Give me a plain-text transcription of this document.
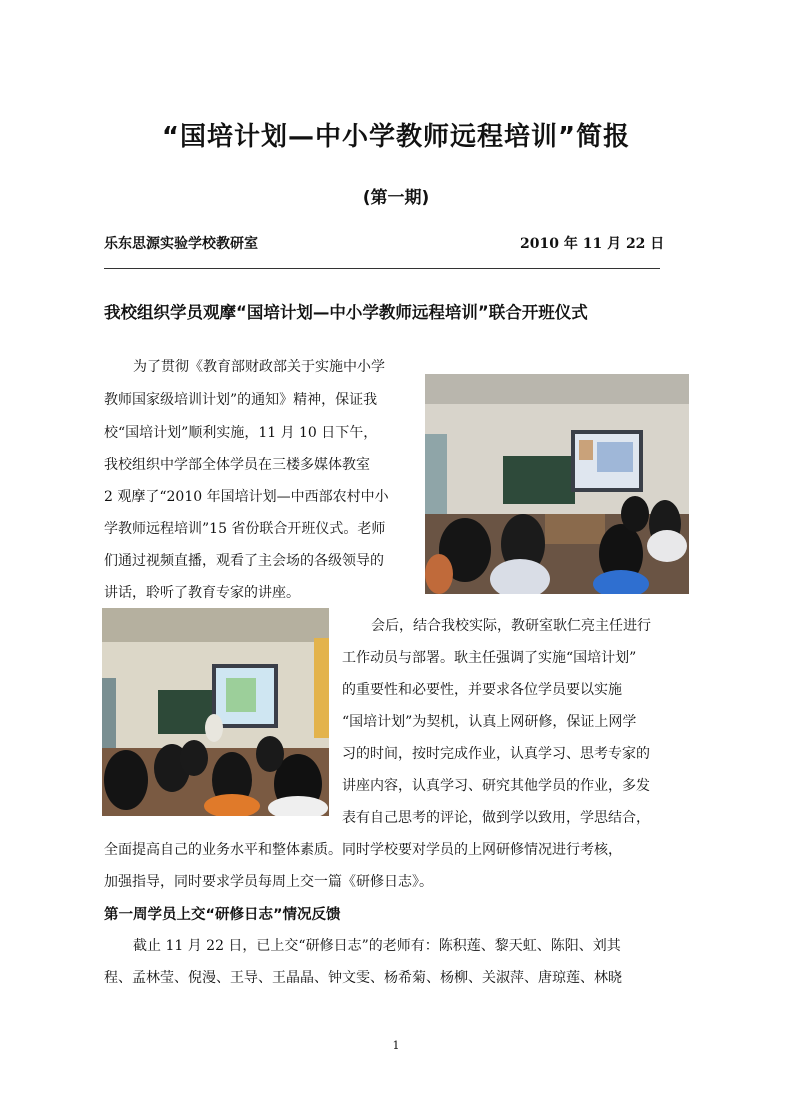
“国培计划—中小学教师远程培训”简报
(第一期)
乐东思源实验学校教研室	2010 年 11 月 22 日
我校组织学员观摩“国培计划—中小学教师远程培训”联合开班仪式
为了贯彻《教育部财政部关于实施中小学
教师国家级培训计划”的通知》精神，保证我
校“国培计划”顺利实施，11 月 10 日下午，
我校组织中学部全体学员在三楼多媒体教室
2 观摩了“2010 年国培计划—中西部农村中小
学教师远程培训”15 省份联合开班仪式。老师
们通过视频直播，观看了主会场的各级领导的
讲话，聆听了教育专家的讲座。
会后，结合我校实际，教研室耿仁亮主任进行
工作动员与部署。耿主任强调了实施“国培计划”
的重要性和必要性，并要求各位学员要以实施
“国培计划”为契机，认真上网研修，保证上网学
习的时间，按时完成作业，认真学习、思考专家的
讲座内容，认真学习、研究其他学员的作业，多发
表有自己思考的评论，做到学以致用，学思结合，
全面提高自己的业务水平和整体素质。同时学校要对学员的上网研修情况进行考核，
加强指导，同时要求学员每周上交一篇《研修日志》。
第一周学员上交“研修日志”情况反馈
截止 11 月 22 日，已上交“研修日志”的老师有：陈积莲、黎天虹、陈阳、刘其
程、孟林莹、倪漫、王导、王晶晶、钟文雯、杨希菊、杨柳、关淑萍、唐琼莲、林晓
1
